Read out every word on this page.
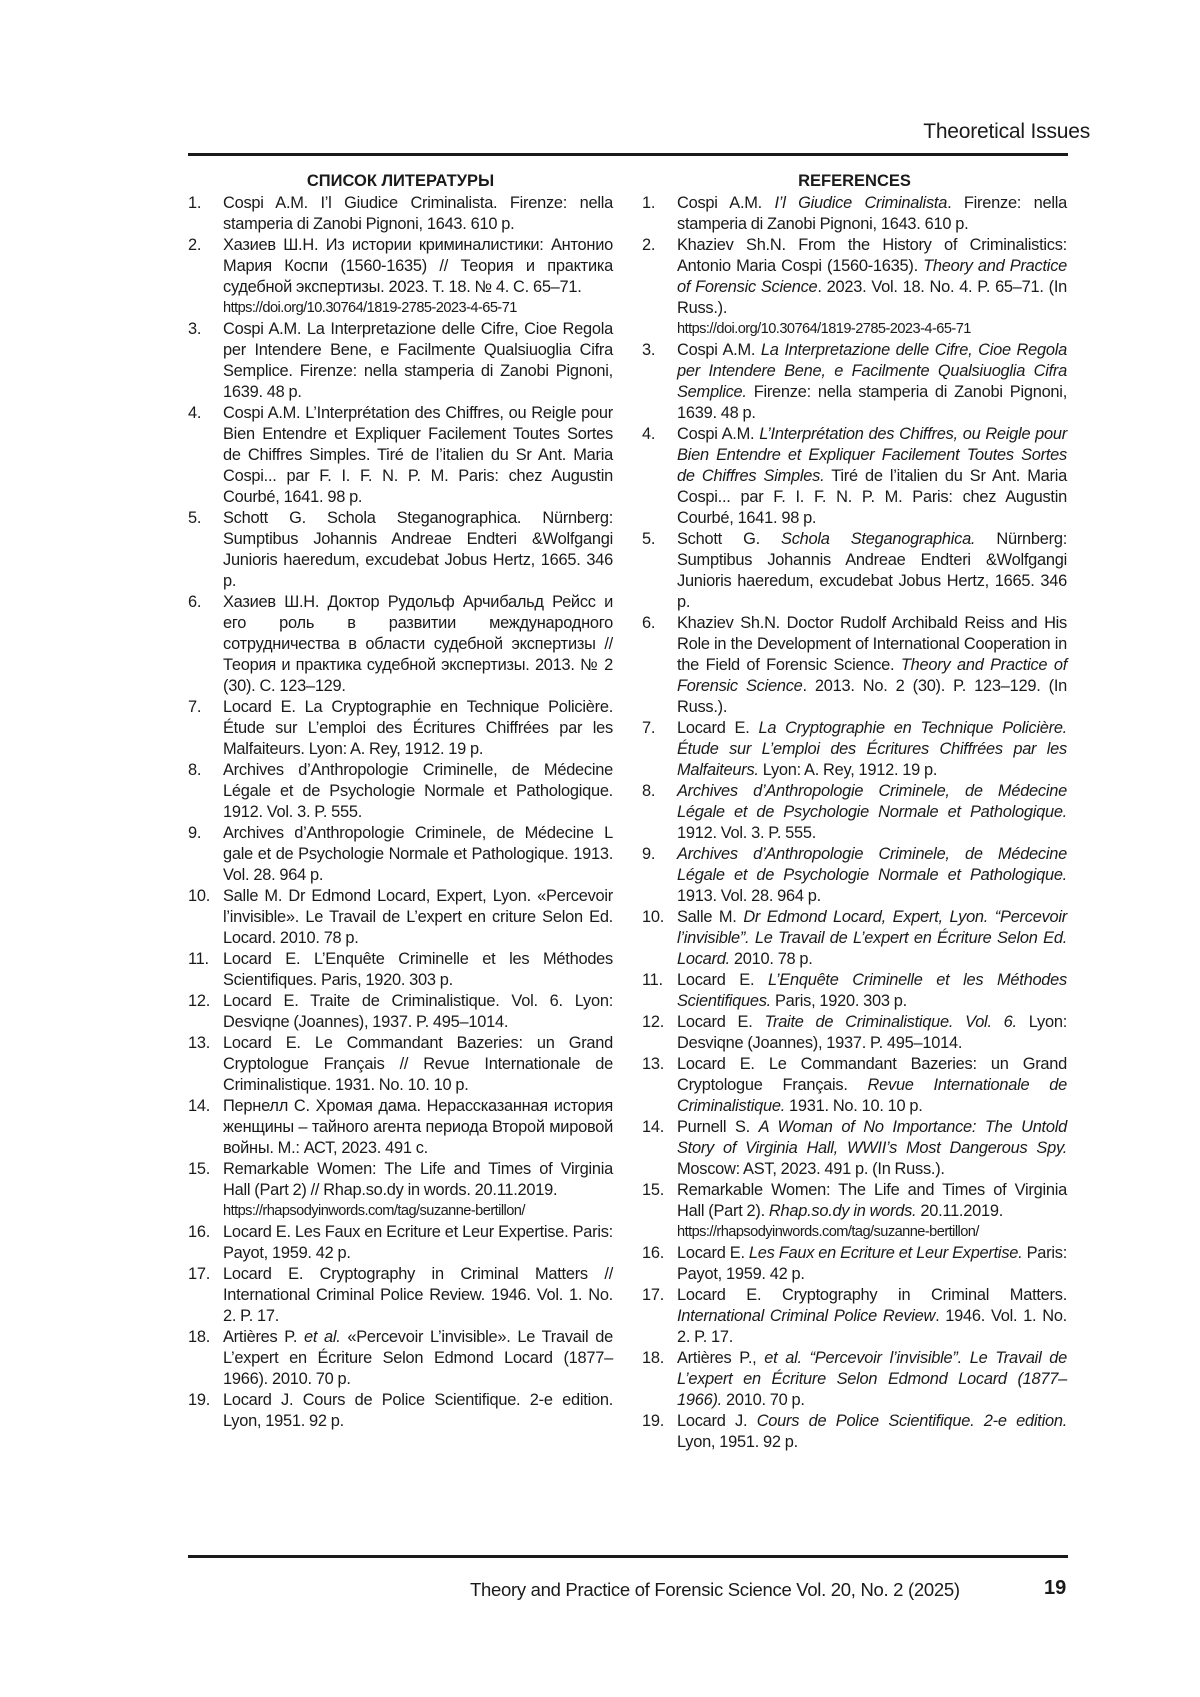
Theoretical Issues
СПИСОК ЛИТЕРАТУРЫ
1. Cospi A.M. I’l Giudice Criminalista. Firenze: nella stamperia di Zanobi Pignoni, 1643. 610 p.
2. Хазиев Ш.Н. Из истории криминалистики: Антонио Мария Коспи (1560-1635) // Теория и практика судебной экспертизы. 2023. Т. 18. № 4. С. 65–71.
https://doi.org/10.30764/1819-2785-2023-4-65-71
3. Cospi A.M. La Interpretazione delle Cifre, Cioe Regola per Intendere Bene, e Facilmente Qualsiuoglia Cifra Semplice. Firenze: nella stamperia di Zanobi Pignoni, 1639. 48 p.
4. Cospi A.M. L’Interprétation des Chiffres, ou Reigle pour Bien Entendre et Expliquer Facilement Toutes Sortes de Chiffres Simples. Tiré de l’italien du Sr Ant. Maria Cospi... par F. I. F. N. P. M. Paris: chez Augustin Courbé, 1641. 98 p.
5. Schott G. Schola Steganographica. Nürnberg: Sumptibus Johannis Andreae Endteri &Wolfgangi Junioris haeredum, excudebat Jobus Hertz, 1665. 346 p.
6. Хазиев Ш.Н. Доктор Рудольф Арчибальд Рейсс и его роль в развитии международного сотрудничества в области судебной экспертизы // Теория и практика судебной экспертизы. 2013. № 2 (30). С. 123–129.
7. Locard E. La Cryptographie en Technique Policière. Étude sur L’emploi des Écritures Chiffrées par les Malfaiteurs. Lyon: A. Rey, 1912. 19 p.
8. Archives d’Anthropologie Criminelle, de Médecine Légale et de Psychologie Normale et Pathologique. 1912. Vol. 3. P. 555.
9. Archives d’Anthropologie Criminele, de Médecine L gale et de Psychologie Normale et Pathologique. 1913. Vol. 28. 964 p.
10. Salle M. Dr Edmond Locard, Expert, Lyon. «Percevoir l’invisible». Le Travail de L’expert en criture Selon Ed. Locard. 2010. 78 p.
11. Locard E. L’Enquête Criminelle et les Méthodes Scientifiques. Paris, 1920. 303 p.
12. Locard E. Traite de Criminalistique. Vol. 6. Lyon: Desviqne (Joannes), 1937. P. 495–1014.
13. Locard E. Le Commandant Bazeries: un Grand Cryptologue Français // Revue Internationale de Criminalistique. 1931. No. 10. 10 p.
14. Пернелл С. Хромая дама. Нерассказанная история женщины – тайного агента периода Второй мировой войны. М.: АСТ, 2023. 491 с.
15. Remarkable Women: The Life and Times of Virginia Hall (Part 2) // Rhap.so.dy in words. 20.11.2019.
https://rhapsodyinwords.com/tag/suzanne-bertillon/
16. Locard E. Les Faux en Ecriture et Leur Expertise. Paris: Payot, 1959. 42 p.
17. Locard E. Cryptography in Criminal Matters // International Criminal Police Review. 1946. Vol. 1. No. 2. P. 17.
18. Artières P. et al. «Percevoir L’invisible». Le Travail de L’expert en Écriture Selon Edmond Locard (1877–1966). 2010. 70 p.
19. Locard J. Cours de Police Scientifique. 2-e edition. Lyon, 1951. 92 p.
REFERENCES
1. Cospi A.M. I’l Giudice Criminalista. Firenze: nella stamperia di Zanobi Pignoni, 1643. 610 p.
2. Khaziev Sh.N. From the History of Criminalistics: Antonio Maria Cospi (1560-1635). Theory and Practice of Forensic Science. 2023. Vol. 18. No. 4. P. 65–71. (In Russ.).
https://doi.org/10.30764/1819-2785-2023-4-65-71
3. Cospi A.M. La Interpretazione delle Cifre, Cioe Regola per Intendere Bene, e Facilmente Qualsiuoglia Cifra Semplice. Firenze: nella stamperia di Zanobi Pignoni, 1639. 48 p.
4. Cospi A.M. L’Interprétation des Chiffres, ou Reigle pour Bien Entendre et Expliquer Facilement Toutes Sortes de Chiffres Simples. Tiré de l’italien du Sr Ant. Maria Cospi... par F. I. F. N. P. M. Paris: chez Augustin Courbé, 1641. 98 p.
5. Schott G. Schola Steganographica. Nürnberg: Sumptibus Johannis Andreae Endteri &Wolfgangi Junioris haeredum, excudebat Jobus Hertz, 1665. 346 p.
6. Khaziev Sh.N. Doctor Rudolf Archibald Reiss and His Role in the Development of International Cooperation in the Field of Forensic Science. Theory and Practice of Forensic Science. 2013. No. 2 (30). P. 123–129. (In Russ.).
7. Locard E. La Cryptographie en Technique Policière. Étude sur L’emploi des Écritures Chiffrées par les Malfaiteurs. Lyon: A. Rey, 1912. 19 p.
8. Archives d’Anthropologie Criminele, de Médecine Légale et de Psychologie Normale et Pathologique. 1912. Vol. 3. P. 555.
9. Archives d’Anthropologie Criminele, de Médecine Légale et de Psychologie Normale et Pathologique. 1913. Vol. 28. 964 p.
10. Salle M. Dr Edmond Locard, Expert, Lyon. “Percevoir l’invisible”. Le Travail de L’expert en Écriture Selon Ed. Locard. 2010. 78 p.
11. Locard E. L’Enquête Criminelle et les Méthodes Scientifiques. Paris, 1920. 303 p.
12. Locard E. Traite de Criminalistique. Vol. 6. Lyon: Desviqne (Joannes), 1937. P. 495–1014.
13. Locard E. Le Commandant Bazeries: un Grand Cryptologue Français. Revue Internationale de Criminalistique. 1931. No. 10. 10 p.
14. Purnell S. A Woman of No Importance: The Untold Story of Virginia Hall, WWII’s Most Dangerous Spy. Moscow: AST, 2023. 491 p. (In Russ.).
15. Remarkable Women: The Life and Times of Virginia Hall (Part 2). Rhap.so.dy in words. 20.11.2019.
https://rhapsodyinwords.com/tag/suzanne-bertillon/
16. Locard E. Les Faux en Ecriture et Leur Expertise. Paris: Payot, 1959. 42 p.
17. Locard E. Cryptography in Criminal Matters. International Criminal Police Review. 1946. Vol. 1. No. 2. P. 17.
18. Artières P., et al. “Percevoir l’invisible”. Le Travail de L’expert en Écriture Selon Edmond Locard (1877–1966). 2010. 70 p.
19. Locard J. Cours de Police Scientifique. 2-e edition. Lyon, 1951. 92 p.
Theory and Practice of Forensic Science Vol. 20, No. 2 (2025)	19
